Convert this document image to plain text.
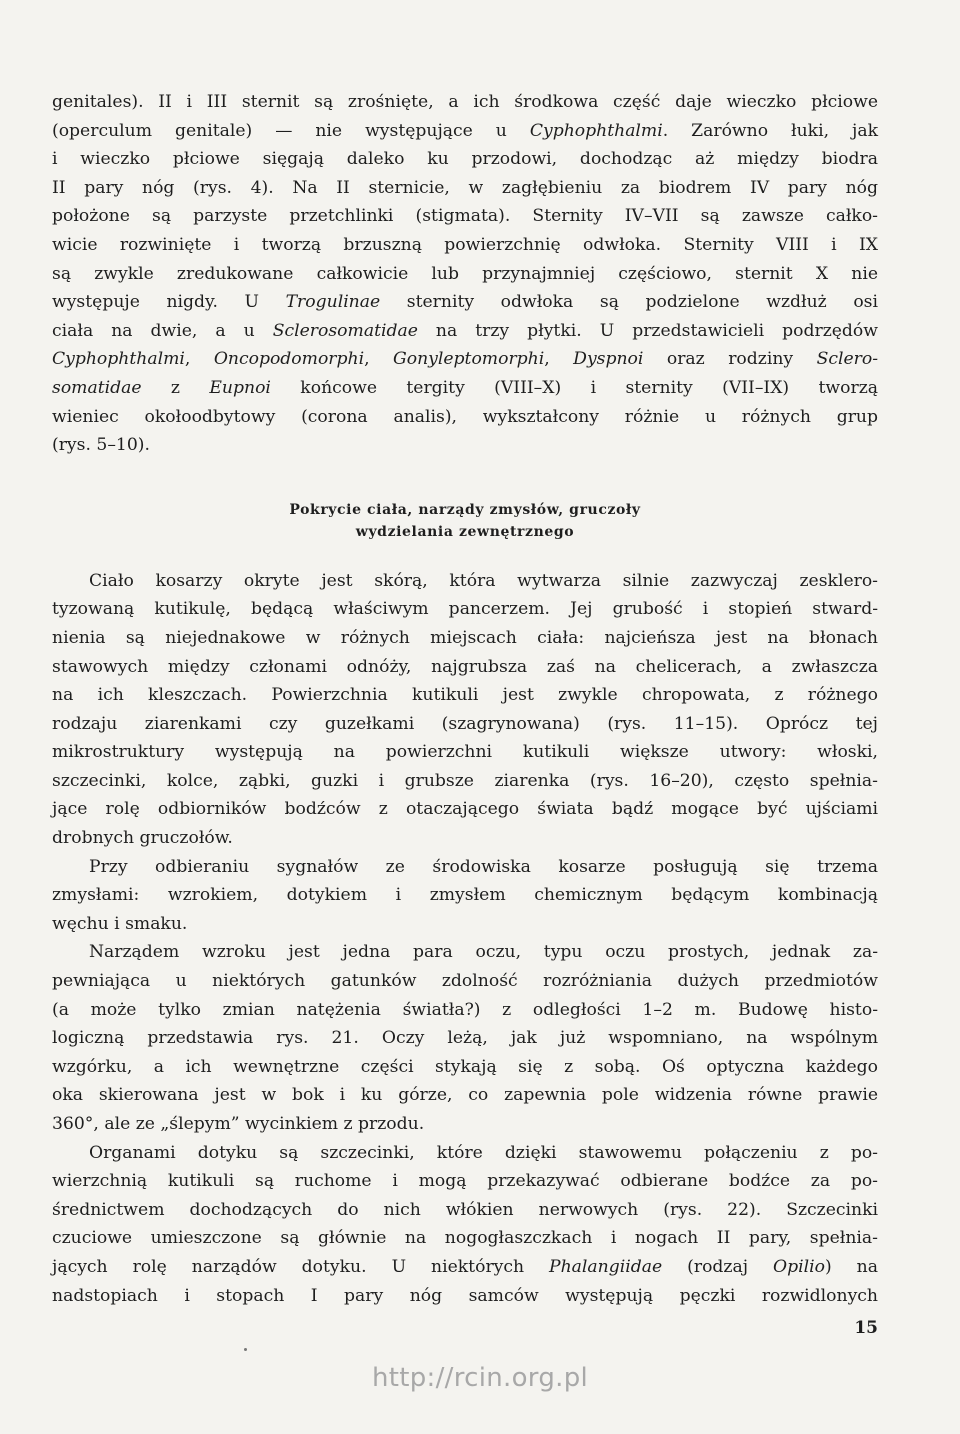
genitales). II i III sternit są zrośnięte, a ich środkowa część daje wieczko płciowe
(operculum genitale) — nie występujące u Cyphophthalmi. Zarówno łuki, jak
i wieczko płciowe sięgają daleko ku przodowi, dochodząc aż między biodra
II pary nóg (rys. 4). Na II sternicie, w zagłębieniu za biodrem IV pary nóg
położone są parzyste przetchlinki (stigmata). Sternity IV–VII są zawsze całko-
wicie rozwinięte i tworzą brzuszną powierzchnię odwłoka. Sternity VIII i IX
są zwykle zredukowane całkowicie lub przynajmniej częściowo, sternit X nie
występuje nigdy. U Trogulinae sternity odwłoka są podzielone wzdłuż osi
ciała na dwie, a u Sclerosomatidae na trzy płytki. U przedstawicieli podrzędów
Cyphophthalmi, Oncopodomorphi, Gonyleptomorphi, Dyspnoi oraz rodziny Sclero-
somatidae z Eupnoi końcowe tergity (VIII–X) i sternity (VII–IX) tworzą
wieniec okołoodbytowy (corona analis), wykształcony różnie u różnych grup
(rys. 5–10).
Pokrycie ciała, narządy zmysłów, gruczoły
wydzielania zewnętrznego
Ciało kosarzy okryte jest skórą, która wytwarza silnie zazwyczaj zesklero-
tyzowaną kutikulę, będącą właściwym pancerzem. Jej grubość i stopień stward-
nienia są niejednakowe w różnych miejscach ciała: najcieńsza jest na błonach
stawowych między członami odnóży, najgrubsza zaś na chelicerach, a zwłaszcza
na ich kleszczach. Powierzchnia kutikuli jest zwykle chropowata, z różnego
rodzaju ziarenkami czy guzełkami (szagrynowana) (rys. 11–15). Oprócz tej
mikrostruktury występują na powierzchni kutikuli większe utwory: włoski,
szczecinki, kolce, ząbki, guzki i grubsze ziarenka (rys. 16–20), często spełnia-
jące rolę odbiorników bodźców z otaczającego świata bądź mogące być ujściami
drobnych gruczołów.
Przy odbieraniu sygnałów ze środowiska kosarze posługują się trzema
zmysłami: wzrokiem, dotykiem i zmysłem chemicznym będącym kombinacją
węchu i smaku.
Narządem wzroku jest jedna para oczu, typu oczu prostych, jednak za-
pewniająca u niektórych gatunków zdolność rozróżniania dużych przedmiotów
(a może tylko zmian natężenia światła?) z odległości 1–2 m. Budowę histo-
logiczną przedstawia rys. 21. Oczy leżą, jak już wspomniano, na wspólnym
wzgórku, a ich wewnętrzne części stykają się z sobą. Oś optyczna każdego
oka skierowana jest w bok i ku górze, co zapewnia pole widzenia równe prawie
360°, ale ze „ślepym” wycinkiem z przodu.
Organami dotyku są szczecinki, które dzięki stawowemu połączeniu z po-
wierzchnią kutikuli są ruchome i mogą przekazywać odbierane bodźce za po-
średnictwem dochodzących do nich włókien nerwowych (rys. 22). Szczecinki
czuciowe umieszczone są głównie na nogogłaszczkach i nogach II pary, spełnia-
jących rolę narządów dotyku. U niektórych Phalangiidae (rodzaj Opilio) na
nadstopiach i stopach I pary nóg samców występują pęczki rozwidlonych
15
http://rcin.org.pl
